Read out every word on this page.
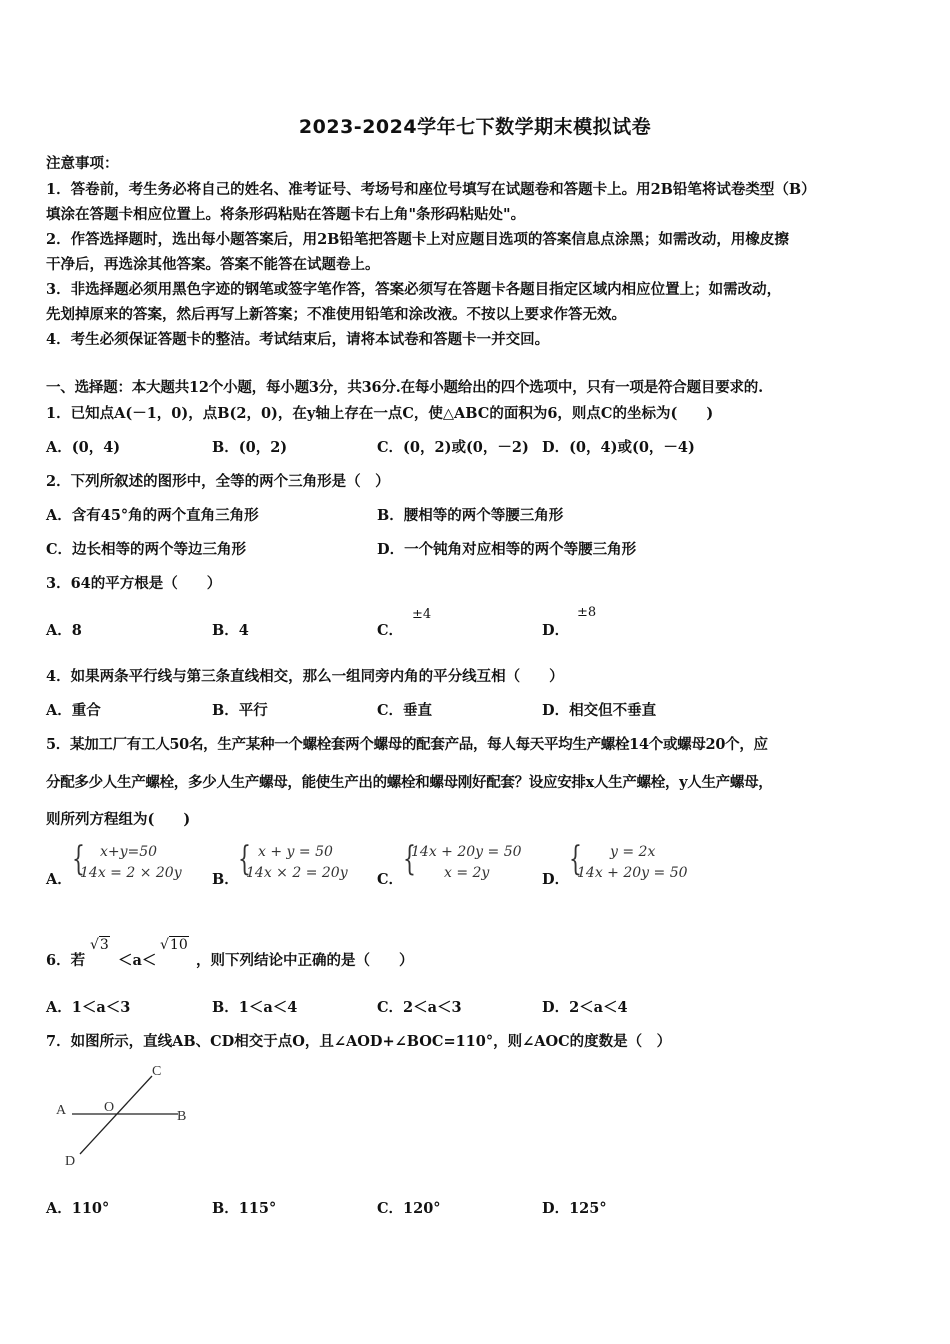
2023-2024学年七下数学期末模拟试卷
注意事项：
1．答卷前，考生务必将自己的姓名、准考证号、考场号和座位号填写在试题卷和答题卡上。用2B铅笔将试卷类型（B）
填涂在答题卡相应位置上。将条形码粘贴在答题卡右上角"条形码粘贴处"。
2．作答选择题时，选出每小题答案后，用2B铅笔把答题卡上对应题目选项的答案信息点涂黑；如需改动，用橡皮擦
干净后，再选涂其他答案。答案不能答在试题卷上。
3．非选择题必须用黑色字迹的钢笔或签字笔作答，答案必须写在答题卡各题目指定区域内相应位置上；如需改动，
先划掉原来的答案，然后再写上新答案；不准使用铅笔和涂改液。不按以上要求作答无效。
4．考生必须保证答题卡的整洁。考试结束后，请将本试卷和答题卡一并交回。
一、选择题：本大题共12个小题，每小题3分，共36分.在每小题给出的四个选项中，只有一项是符合题目要求的.
1．已知点A(－1，0)，点B(2，0)，在y轴上存在一点C，使△ABC的面积为6，则点C的坐标为(　　)
A．(0，4)	B．(0，2)	C．(0，2)或(0，－2) D．(0，4)或(0，－4)
2．下列所叙述的图形中，全等的两个三角形是（　）
A．含有45°角的两个直角三角形	B．腰相等的两个等腰三角形
C．边长相等的两个等边三角形	D．一个钝角对应相等的两个等腰三角形
3．64的平方根是（　　）
A．8	B．4	C．
±4
D．
±8
4．如果两条平行线与第三条直线相交，那么一组同旁内角的平分线互相（　　）
A．重合	B．平行	C．垂直	D．相交但不垂直
5．某加工厂有工人50名，生产某种一个螺栓套两个螺母的配套产品，每人每天平均生产螺栓14个或螺母20个，应
分配多少人生产螺栓，多少人生产螺母，能使生产出的螺栓和螺母刚好配套？设应安排x人生产螺栓，y人生产螺母，
则所列方程组为(　　)
A．
{ x+y=50
14x = 2 × 20y B．
{ x + y = 50
14x × 2 = 20y C．
{
14x + 20y = 50
x = 2y	D．
{ y = 2x
14x + 20y = 50
6．若
√3
＜a＜
√10
，则下列结论中正确的是（　　）
A．1＜a＜3	B．1＜a＜4	C．2＜a＜3	D．2＜a＜4
7．如图所示，直线AB、CD相交于点O，且∠AOD+∠BOC=110°，则∠AOC的度数是（　）
A	O
B
C
D
A．110°	B．115°	C．120°	D．125°
